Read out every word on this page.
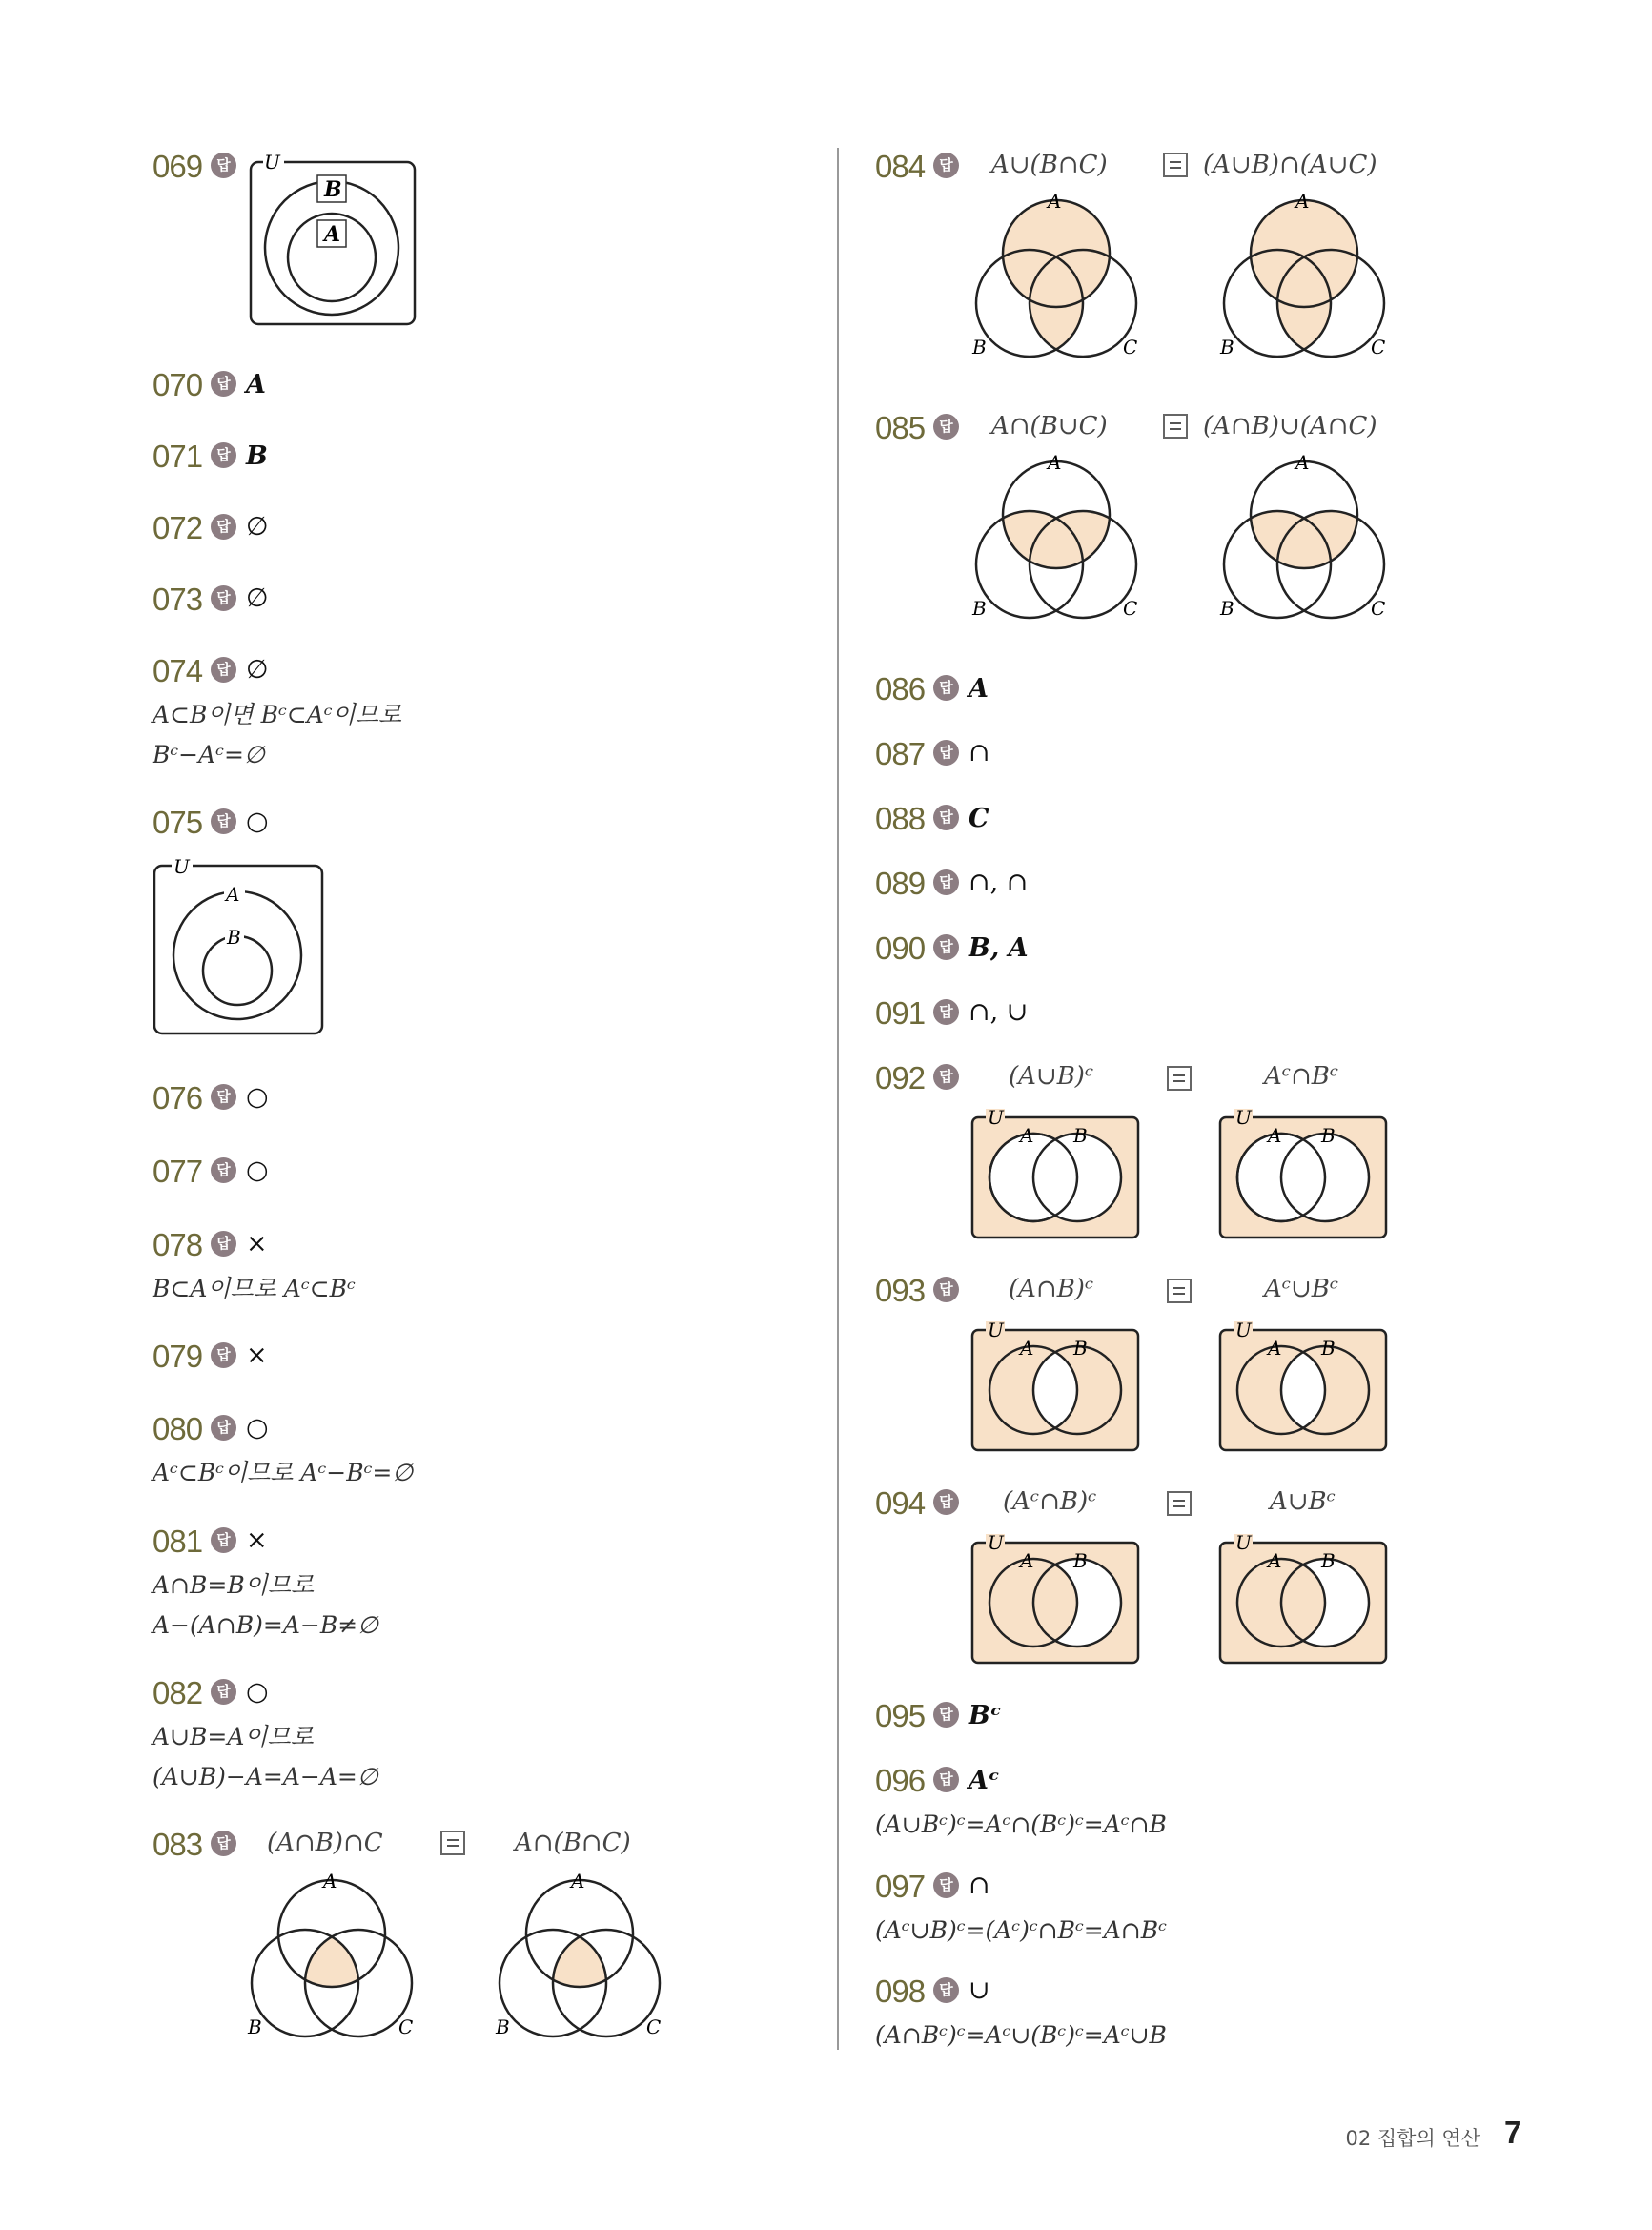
069	답	U
B
A
070	답 A
071	답 B
072	답 ∅
073	답 ∅
074	답 ∅
A⊂B이면 Bᶜ⊂Aᶜ이므로
Bᶜ−Aᶜ=∅
075	답 ○
U
A
B
076	답 ○
077	답 ○
078	답 ×
B⊂A이므로 Aᶜ⊂Bᶜ
079	답 ×
080	답 ○
Aᶜ⊂Bᶜ이므로 Aᶜ−Bᶜ=∅
081	답 ×
A∩B=B이므로
A−(A∩B)=A−B≠∅
082	답 ○
A∪B=A이므로
(A∪B)−A=A−A=∅
083	답 (A∩B)∩C	A∩(B∩C)
A
B	C
A
B	C
084	답 A∪(B∩C)	(A∪B)∩(A∪C)
A
B	C
A
B	C
085	답 A∩(B∪C)	(A∩B)∪(A∩C)
A
B	C
A
B	C
086	답 A
087	답 ∩
088	답 C
089	답 ∩, ∩
090	답 B, A
091	답 ∩, ∪
092	답 (A∪B)ᶜ	Aᶜ∩Bᶜ
U
A B
U
A B
093	답 (A∩B)ᶜ	Aᶜ∪Bᶜ
U
A B
U
A B
094	답 (Aᶜ∩B)ᶜ	A∪Bᶜ
U
A B
U
A B
095	답 Bᶜ
096	답 Aᶜ
(A∪Bᶜ)ᶜ=Aᶜ∩(Bᶜ)ᶜ=Aᶜ∩B
097	답 ∩
(Aᶜ∪B)ᶜ=(Aᶜ)ᶜ∩Bᶜ=A∩Bᶜ
098	답 ∪
(A∩Bᶜ)ᶜ=Aᶜ∪(Bᶜ)ᶜ=Aᶜ∪B
02 집합의 연산 7
